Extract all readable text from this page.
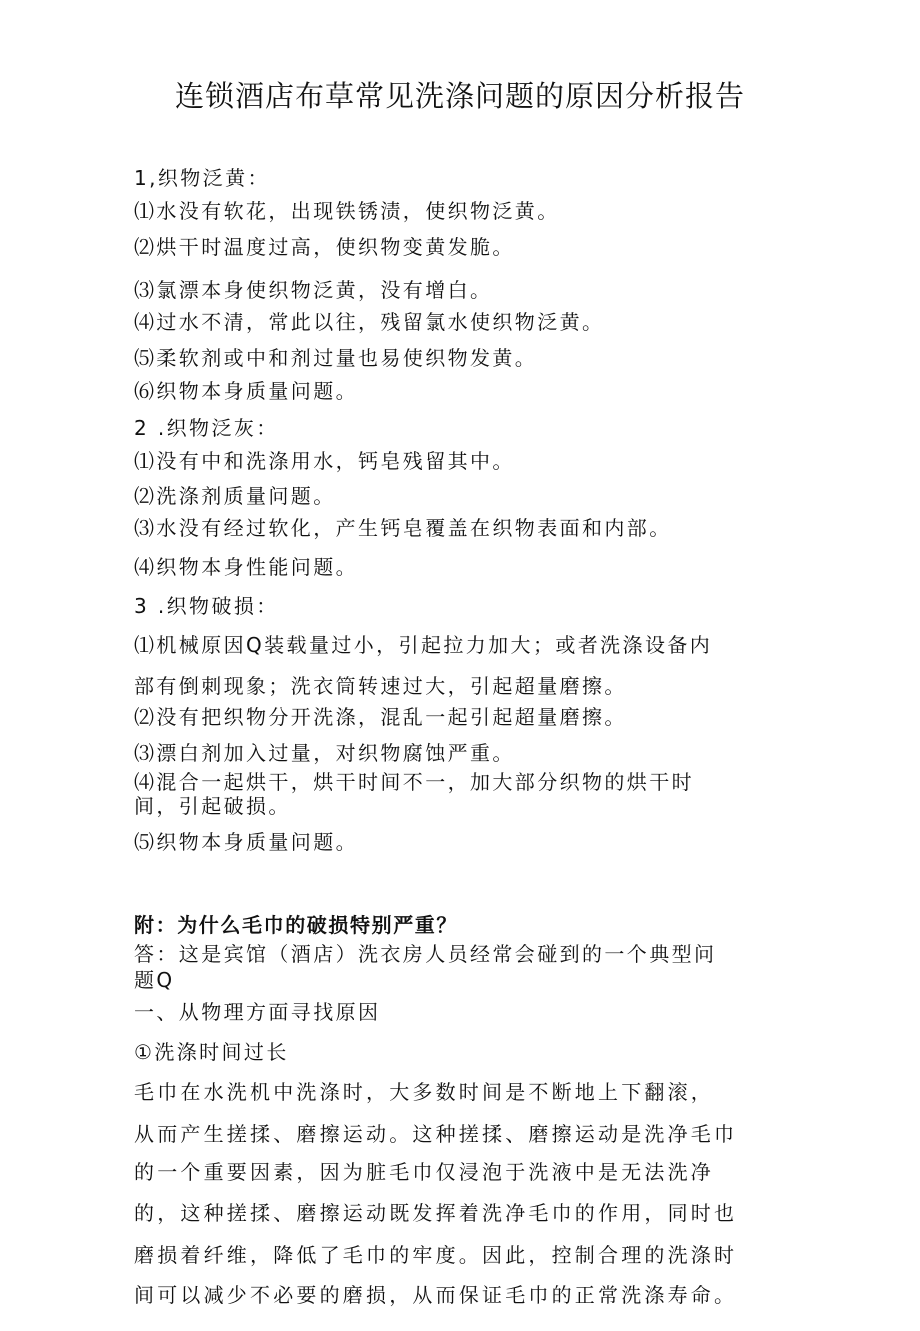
连锁酒店布草常见洗涤问题的原因分析报告
1,织物泛黄：
⑴水没有软花，出现铁锈渍，使织物泛黄。
⑵烘干时温度过高，使织物变黄发脆。
⑶氯漂本身使织物泛黄，没有增白。
⑷过水不清，常此以往，残留氯水使织物泛黄。
⑸柔软剂或中和剂过量也易使织物发黄。
⑹织物本身质量问题。
2 .织物泛灰：
⑴没有中和洗涤用水，钙皂残留其中。
⑵洗涤剂质量问题。
⑶水没有经过软化，产生钙皂覆盖在织物表面和内部。
⑷织物本身性能问题。
3 .织物破损：
⑴机械原因Q装载量过小，引起拉力加大；或者洗涤设备内
部有倒刺现象；洗衣筒转速过大，引起超量磨擦。
⑵没有把织物分开洗涤，混乱一起引起超量磨擦。
⑶漂白剂加入过量，对织物腐蚀严重。
⑷混合一起烘干，烘干时间不一，加大部分织物的烘干时
间，引起破损。
⑸织物本身质量问题。
附：为什么毛巾的破损特别严重？
答：这是宾馆（酒店）洗衣房人员经常会碰到的一个典型问
题Q
一、从物理方面寻找原因
①洗涤时间过长
毛巾在水洗机中洗涤时，大多数时间是不断地上下翻滚，
从而产生搓揉、磨擦运动。这种搓揉、磨擦运动是洗净毛巾
的一个重要因素，因为脏毛巾仅浸泡于洗液中是无法洗净
的，这种搓揉、磨擦运动既发挥着洗净毛巾的作用，同时也
磨损着纤维，降低了毛巾的牢度。因此，控制合理的洗涤时
间可以减少不必要的磨损，从而保证毛巾的正常洗涤寿命。
